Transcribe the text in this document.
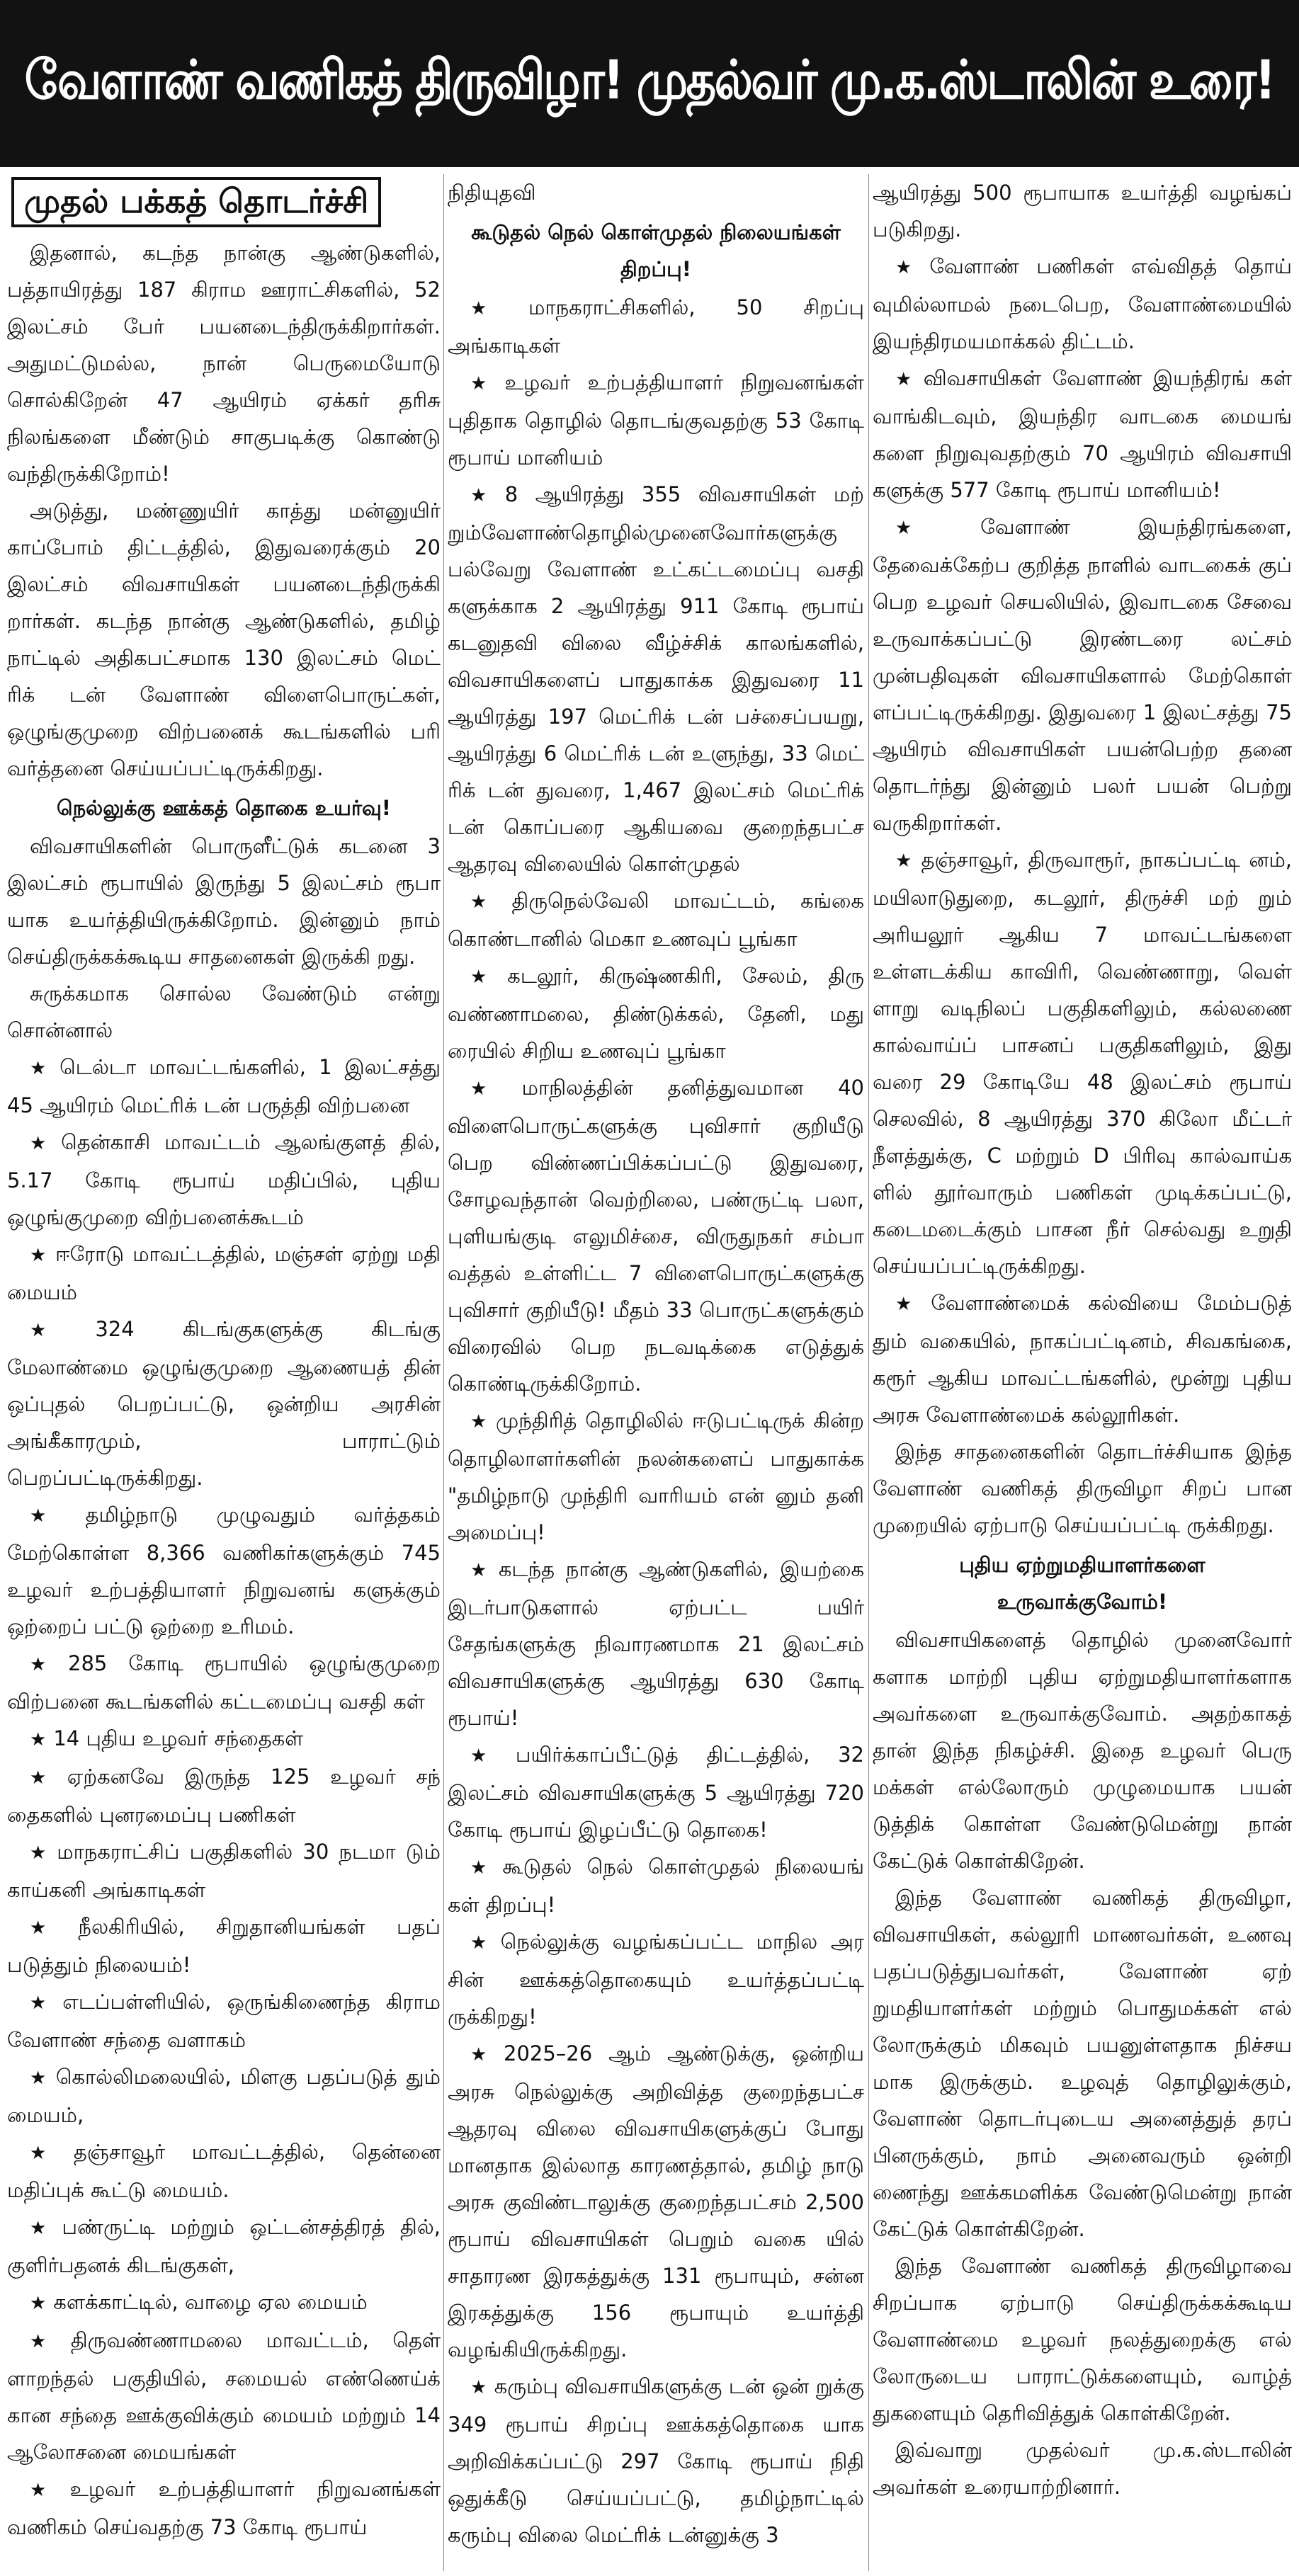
வேளாண் வணிகத் திருவிழா! முதல்வர் மு.க.ஸ்டாலின் உரை!
முதல் பக்கத் தொடர்ச்சி

இதனால், கடந்த நான்கு ஆண்டுகளில், பத்தாயிரத்து 187 கிராம ஊராட்சிகளில், 52 இலட்சம் பேர் பயனடைந்திருக்கிறார்கள். அதுமட்டுமல்ல, நான் பெருமையோடு சொல்கிறேன் 47 ஆயிரம் ஏக்கர் தரிசு நிலங்களை மீண்டும் சாகுபடிக்கு கொண்டு வந்திருக்கிறோம்!

அடுத்து, மண்ணுயிர் காத்து மன்னுயிர் காப்போம் திட்டத்தில், இதுவரைக்கும் 20 இலட்சம் விவசாயிகள் பயனடைந்திருக்கி றார்கள். கடந்த நான்கு ஆண்டுகளில், தமிழ் நாட்டில் அதிகபட்சமாக 130 இலட்சம் மெட் ரிக் டன் வேளாண் விளைபொருட்கள், ஒழுங்குமுறை விற்பனைக் கூடங்களில் பரி வர்த்தனை செய்யப்பட்டிருக்கிறது.

நெல்லுக்கு ஊக்கத் தொகை உயர்வு!

விவசாயிகளின் பொருளீட்டுக் கடனை 3 இலட்சம் ரூபாயில் இருந்து 5 இலட்சம் ரூபா யாக உயர்த்தியிருக்கிறோம். இன்னும் நாம் செய்திருக்கக்கூடிய சாதனைகள் இருக்கி றது.

சுருக்கமாக சொல்ல வேண்டும் என்று சொன்னால்

★ டெல்டா மாவட்டங்களில், 1 இலட்சத்து 45 ஆயிரம் மெட்ரிக் டன் பருத்தி விற்பனை

★ தென்காசி மாவட்டம் ஆலங்குளத் தில், 5.17 கோடி ரூபாய் மதிப்பில், புதிய ஒழுங்குமுறை விற்பனைக்கூடம்

★ ஈரோடு மாவட்டத்தில், மஞ்சள் ஏற்று மதி மையம்

★ 324 கிடங்குகளுக்கு கிடங்கு மேலாண்மை ஒழுங்குமுறை ஆணையத் தின் ஒப்புதல் பெறப்பட்டு, ஒன்றிய அரசின் அங்கீகாரமும், பாராட்டும் பெறப்பட்டிருக்கிறது.

★ தமிழ்நாடு முழுவதும் வர்த்தகம் மேற்கொள்ள 8,366 வணிகர்களுக்கும் 745 உழவர் உற்பத்தியாளர் நிறுவனங் களுக்கும் ஒற்றைப் பட்டு ஒற்றை உரிமம்.

★ 285 கோடி ரூபாயில் ஒழுங்குமுறை விற்பனை கூடங்களில் கட்டமைப்பு வசதி கள்

★ 14 புதிய உழவர் சந்தைகள்

★ ஏற்கனவே இருந்த 125 உழவர் சந் தைகளில் புனரமைப்பு பணிகள்

★ மாநகராட்சிப் பகுதிகளில் 30 நடமா டும் காய்கனி அங்காடிகள்

★ நீலகிரியில், சிறுதானியங்கள் பதப் படுத்தும் நிலையம்!

★ எடப்பள்ளியில், ஒருங்கிணைந்த கிராம வேளாண் சந்தை வளாகம்

★ கொல்லிமலையில், மிளகு பதப்படுத் தும் மையம்,

★ தஞ்சாவூர் மாவட்டத்தில், தென்னை மதிப்புக் கூட்டு மையம்.

★ பண்ருட்டி மற்றும் ஒட்டன்சத்திரத் தில், குளிர்பதனக் கிடங்குகள்,

★ களக்காட்டில், வாழை ஏல மையம்

★ திருவண்ணாமலை மாவட்டம், தெள் ளாறந்தல் பகுதியில், சமையல் எண்ணெய்க் கான சந்தை ஊக்குவிக்கும் மையம் மற்றும் 14 ஆலோசனை மையங்கள்

★ உழவர் உற்பத்தியாளர் நிறுவனங்கள் வணிகம் செய்வதற்கு 73 கோடி ரூபாய்

நிதியுதவி

கூடுதல் நெல் கொள்முதல் நிலையங்கள் திறப்பு!

★ மாநகராட்சிகளில், 50 சிறப்பு அங்காடிகள்

★ உழவர் உற்பத்தியாளர் நிறுவனங்கள் புதிதாக தொழில் தொடங்குவதற்கு 53 கோடி ரூபாய் மானியம்

★ 8 ஆயிரத்து 355 விவசாயிகள் மற் றும்வேளாண்தொழில்முனைவோர்களுக்கு பல்வேறு வேளாண் உட்கட்டமைப்பு வசதி களுக்காக 2 ஆயிரத்து 911 கோடி ரூபாய் கடனுதவி விலை வீழ்ச்சிக் காலங்களில், விவசாயிகளைப் பாதுகாக்க இதுவரை 11 ஆயிரத்து 197 மெட்ரிக் டன் பச்சைப்பயறு, ஆயிரத்து 6 மெட்ரிக் டன் உளுந்து, 33 மெட் ரிக் டன் துவரை, 1,467 இலட்சம் மெட்ரிக் டன் கொப்பரை ஆகியவை குறைந்தபட்ச ஆதரவு விலையில் கொள்முதல்

★ திருநெல்வேலி மாவட்டம், கங்கை கொண்டானில் மெகா உணவுப் பூங்கா

★ கடலூர், கிருஷ்ணகிரி, சேலம், திரு வண்ணாமலை, திண்டுக்கல், தேனி, மது ரையில் சிறிய உணவுப் பூங்கா

★ மாநிலத்தின் தனித்துவமான 40 விளைபொருட்களுக்கு புவிசார் குறியீடு பெற விண்ணப்பிக்கப்பட்டு இதுவரை, சோழவந்தான் வெற்றிலை, பண்ருட்டி பலா, புளியங்குடி எலுமிச்சை, விருதுநகர் சம்பா வத்தல் உள்ளிட்ட 7 விளைபொருட்களுக்கு புவிசார் குறியீடு! மீதம் 33 பொருட்களுக்கும் விரைவில் பெற நடவடிக்கை எடுத்துக் கொண்டிருக்கிறோம்.

★ முந்திரித் தொழிலில் ஈடுபட்டிருக் கின்ற தொழிலாளர்களின் நலன்களைப் பாதுகாக்க "தமிழ்நாடு முந்திரி வாரியம் என் னும் தனி அமைப்பு!

★ கடந்த நான்கு ஆண்டுகளில், இயற்கை இடர்பாடுகளால் ஏற்பட்ட பயிர் சேதங்களுக்கு நிவாரணமாக 21 இலட்சம் விவசாயிகளுக்கு ஆயிரத்து 630 கோடி ரூபாய்!

★ பயிர்க்காப்பீட்டுத் திட்டத்தில், 32 இலட்சம் விவசாயிகளுக்கு 5 ஆயிரத்து 720 கோடி ரூபாய் இழப்பீட்டு தொகை!

★ கூடுதல் நெல் கொள்முதல் நிலையங் கள் திறப்பு!

★ நெல்லுக்கு வழங்கப்பட்ட மாநில அர சின் ஊக்கத்தொகையும் உயர்த்தப்பட்டி ருக்கிறது!

★ 2025–26 ஆம் ஆண்டுக்கு, ஒன்றிய அரசு நெல்லுக்கு அறிவித்த குறைந்தபட்ச ஆதரவு விலை விவசாயிகளுக்குப் போது மானதாக இல்லாத காரணத்தால், தமிழ் நாடு அரசு குவிண்டாலுக்கு குறைந்தபட்சம் 2,500 ரூபாய் விவசாயிகள் பெறும் வகை யில் சாதாரண இரகத்துக்கு 131 ரூபாயும், சன்ன இரகத்துக்கு 156 ரூபாயும் உயர்த்தி வழங்கியிருக்கிறது.

★ கரும்பு விவசாயிகளுக்கு டன் ஒன் றுக்கு 349 ரூபாய் சிறப்பு ஊக்கத்தொகை யாக அறிவிக்கப்பட்டு 297 கோடி ரூபாய் நிதி ஒதுக்கீடு செய்யப்பட்டு, தமிழ்நாட்டில் கரும்பு விலை மெட்ரிக் டன்னுக்கு 3

ஆயிரத்து 500 ரூபாயாக உயர்த்தி வழங்கப் படுகிறது.

★ வேளாண் பணிகள் எவ்விதத் தொய் வுமில்லாமல் நடைபெற, வேளாண்மையில் இயந்திரமயமாக்கல் திட்டம்.

★ விவசாயிகள் வேளாண் இயந்திரங் கள் வாங்கிடவும், இயந்திர வாடகை மையங் களை நிறுவுவதற்கும் 70 ஆயிரம் விவசாயி களுக்கு 577 கோடி ரூபாய் மானியம்!

★ வேளாண் இயந்திரங்களை, தேவைக்கேற்ப குறித்த நாளில் வாடகைக் குப் பெற உழவர் செயலியில், இவாடகை சேவை உருவாக்கப்பட்டு இரண்டரை லட்சம் முன்பதிவுகள் விவசாயிகளால் மேற்கொள் ளப்பட்டிருக்கிறது. இதுவரை 1 இலட்சத்து 75 ஆயிரம் விவசாயிகள் பயன்பெற்ற தனை தொடர்ந்து இன்னும் பலர் பயன் பெற்று வருகிறார்கள்.

★ தஞ்சாவூர், திருவாரூர், நாகப்பட்டி னம், மயிலாடுதுறை, கடலூர், திருச்சி மற் றும் அரியலூர் ஆகிய 7 மாவட்டங்களை உள்ளடக்கிய காவிரி, வெண்ணாறு, வெள் ளாறு வடிநிலப் பகுதிகளிலும், கல்லணை கால்வாய்ப் பாசனப் பகுதிகளிலும், இது வரை 29 கோடியே 48 இலட்சம் ரூபாய் செலவில், 8 ஆயிரத்து 370 கிலோ மீட்டர் நீளத்துக்கு, C மற்றும் D பிரிவு கால்வாய்க ளில் தூர்வாரும் பணிகள் முடிக்கப்பட்டு, கடைமடைக்கும் பாசன நீர் செல்வது உறுதி செய்யப்பட்டிருக்கிறது.

★ வேளாண்மைக் கல்வியை மேம்படுத் தும் வகையில், நாகப்பட்டினம், சிவகங்கை, கரூர் ஆகிய மாவட்டங்களில், மூன்று புதிய அரசு வேளாண்மைக் கல்லூரிகள்.

இந்த சாதனைகளின் தொடர்ச்சியாக இந்த வேளாண் வணிகத் திருவிழா சிறப் பான முறையில் ஏற்பாடு செய்யப்பட்டி ருக்கிறது.

புதிய ஏற்றுமதியாளர்களை உருவாக்குவோம்!

விவசாயிகளைத் தொழில் முனைவோர் களாக மாற்றி புதிய ஏற்றுமதியாளர்களாக அவர்களை உருவாக்குவோம். அதற்காகத் தான் இந்த நிகழ்ச்சி. இதை உழவர் பெரு மக்கள் எல்லோரும் முழுமையாக பயன் டுத்திக் கொள்ள வேண்டுமென்று நான் கேட்டுக் கொள்கிறேன்.

இந்த வேளாண் வணிகத் திருவிழா, விவசாயிகள், கல்லூரி மாணவர்கள், உணவு பதப்படுத்துபவர்கள், வேளாண் ஏற் றுமதியாளர்கள் மற்றும் பொதுமக்கள் எல் லோருக்கும் மிகவும் பயனுள்ளதாக நிச்சய மாக இருக்கும். உழவுத் தொழிலுக்கும், வேளாண் தொடர்புடைய அனைத்துத் தரப் பினருக்கும், நாம் அனைவரும் ஒன்றி ணைந்து ஊக்கமளிக்க வேண்டுமென்று நான் கேட்டுக் கொள்கிறேன்.

இந்த வேளாண் வணிகத் திருவிழாவை சிறப்பாக ஏற்பாடு செய்திருக்கக்கூடிய வேளாண்மை உழவர் நலத்துறைக்கு எல் லோருடைய பாராட்டுக்களையும், வாழ்த் துகளையும் தெரிவித்துக் கொள்கிறேன்.

இவ்வாறு முதல்வர் மு.க.ஸ்டாலின் அவர்கள் உரையாற்றினார்.
